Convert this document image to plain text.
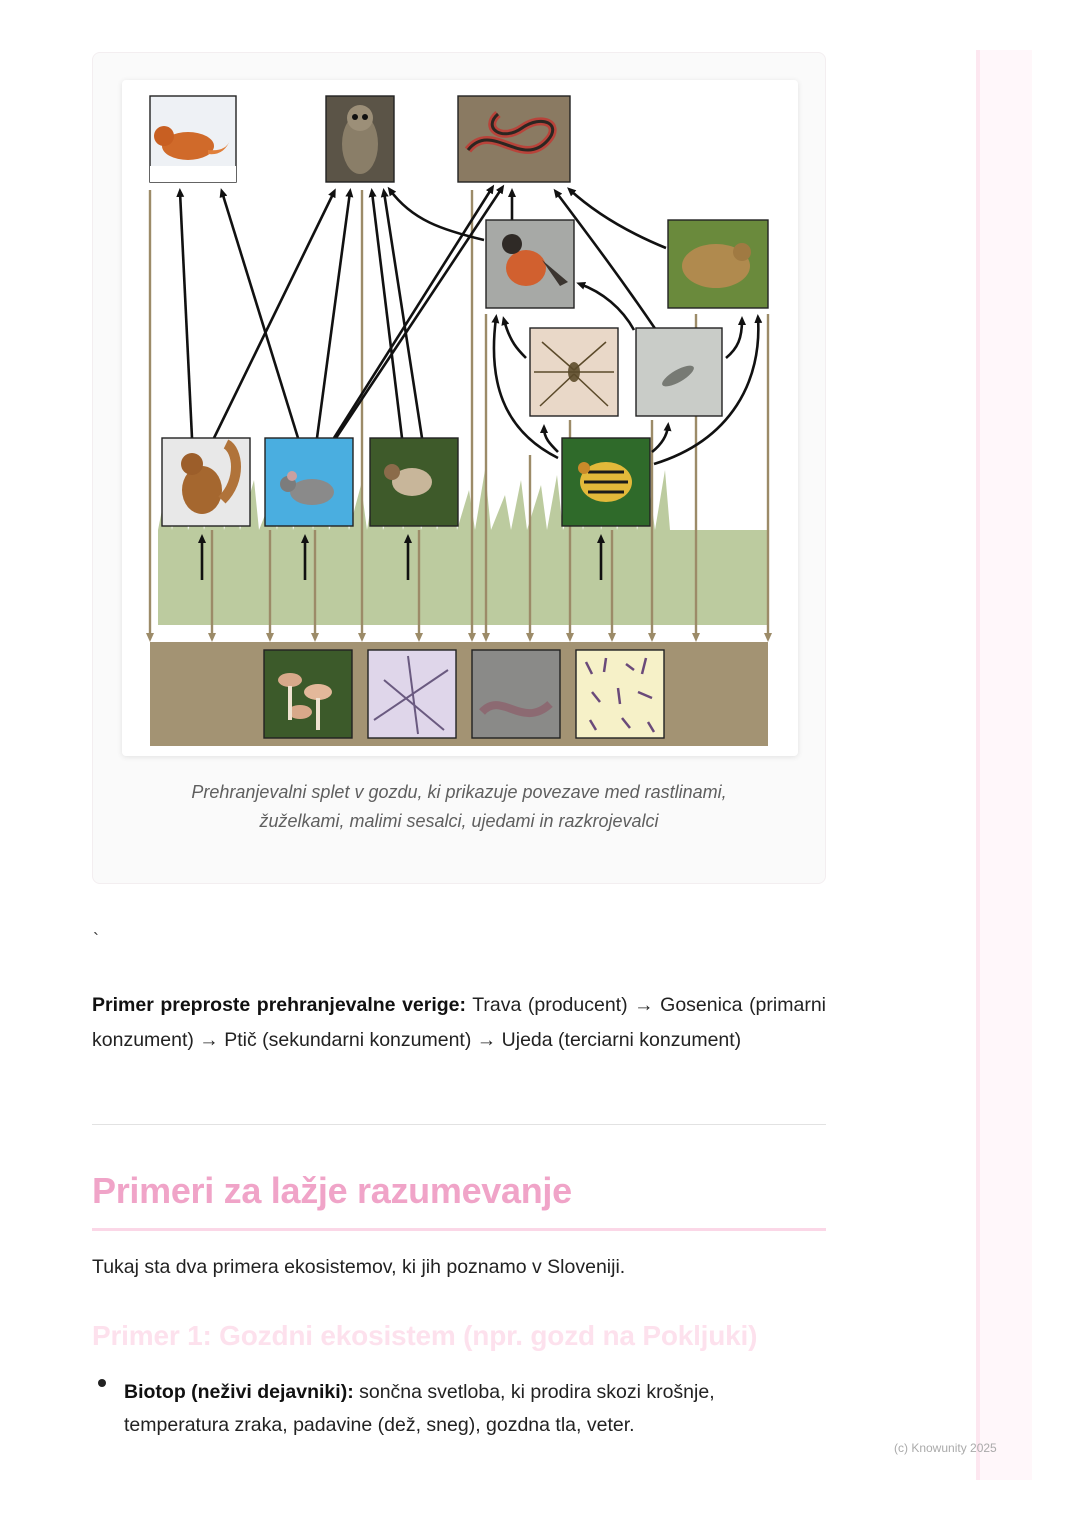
Prehranjevalni splet v gozdu, ki prikazuje povezave med rastlinami,
žuželkami, malimi sesalci, ujedami in razkrojevalci
`

Primer preproste prehranjevalne verige: Trava (producent) → Gosenica (primarni konzument) → Ptič (sekundarni konzument) → Ujeda (terciarni konzument)

Primeri za lažje razumevanje
Tukaj sta dva primera ekosistemov, ki jih poznamo v Sloveniji.
Primer 1: Gozdni ekosistem (npr. gozd na Pokljuki)
Biotop (neživi dejavniki): sončna svetloba, ki prodira skozi krošnje, temperatura zraka, padavine (dež, sneg), gozdna tla, veter.
(c) Knowunity 2025
